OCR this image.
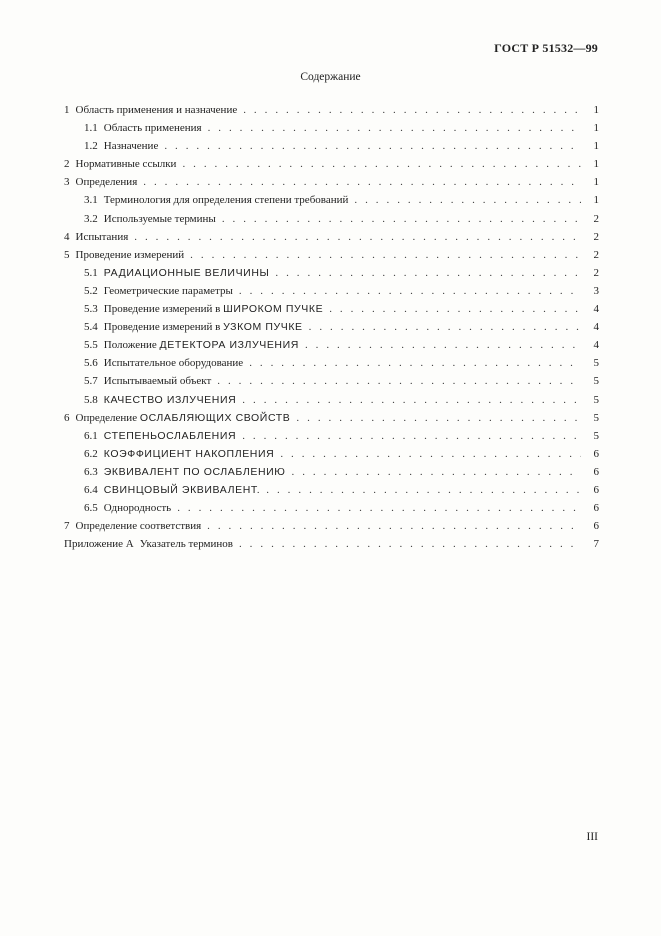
ГОСТ Р 51532—99
Содержание
1 Область применения и назначение . . .	1
1.1 Область применения . . .	1
1.2 Назначение . . .	1
2 Нормативные ссылки . . .	1
3 Определения . . .	1
3.1 Терминология для определения степени требований . . .	1
3.2 Используемые термины . . .	2
4 Испытания . . .	2
5 Проведение измерений . . .	2
5.1 РАДИАЦИОННЫЕ ВЕЛИЧИНЫ . . .	2
5.2 Геометрические параметры . . .	3
5.3 Проведение измерений в ШИРОКОМ ПУЧКЕ . . .	4
5.4 Проведение измерений в УЗКОМ ПУЧКЕ . . .	4
5.5 Положение ДЕТЕКТОРА ИЗЛУЧЕНИЯ . . .	4
5.6 Испытательное оборудование . . .	5
5.7 Испытываемый объект . . .	5
5.8 КАЧЕСТВО ИЗЛУЧЕНИЯ . . .	5
6 Определение ОСЛАБЛЯЮЩИХ СВОЙСТВ . . .	5
6.1 СТЕПЕНЬОСЛАБЛЕНИЯ . . .	5
6.2 КОЭФФИЦИЕНТ НАКОПЛЕНИЯ . . .	6
6.3 ЭКВИВАЛЕНТ ПО ОСЛАБЛЕНИЮ . . .	6
6.4 СВИНЦОВЫЙ ЭКВИВАЛЕНТ. . . .	6
6.5 Однородность . . .	6
7 Определение соответствия . . .	6
Приложение А Указатель терминов . . .	7
III
